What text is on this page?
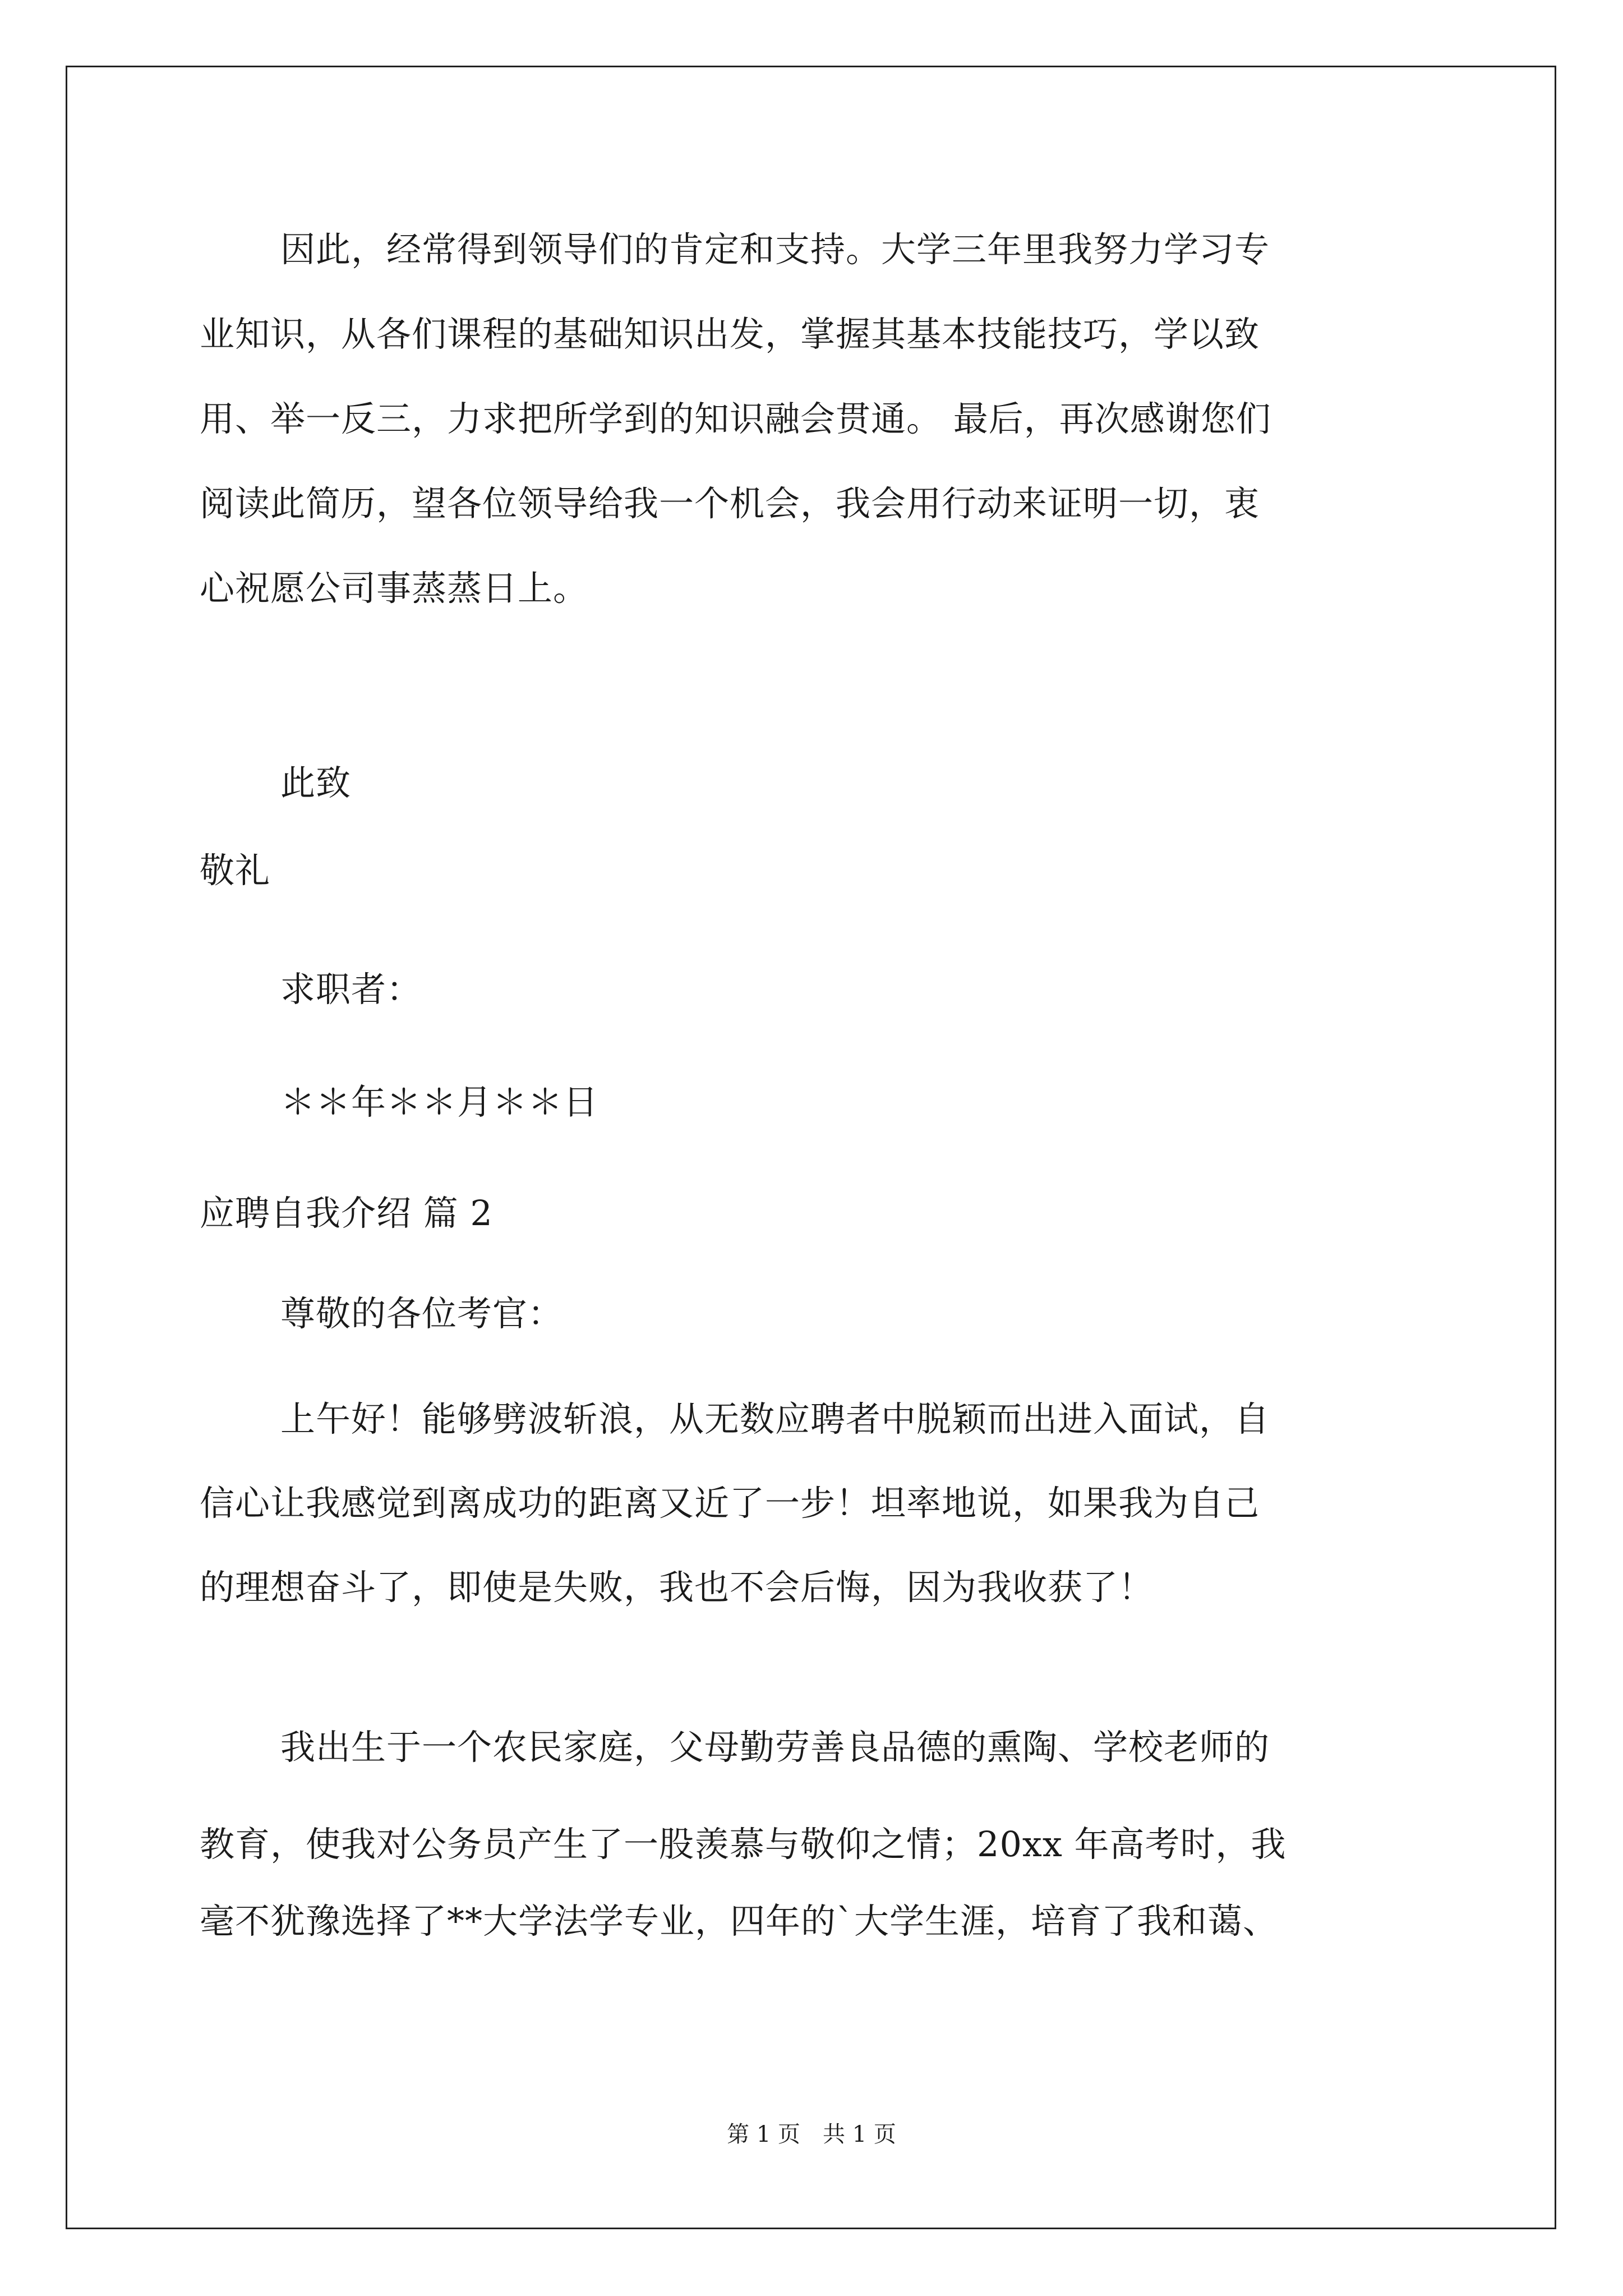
因此，经常得到领导们的肯定和支持。大学三年里我努力学习专
业知识，从各们课程的基础知识出发，掌握其基本技能技巧，学以致
用、举一反三，力求把所学到的知识融会贯通。 最后，再次感谢您们
阅读此简历，望各位领导给我一个机会，我会用行动来证明一切，衷
心祝愿公司事蒸蒸日上。
此致
敬礼
求职者：
＊＊年＊＊月＊＊日
应聘自我介绍 篇 2
尊敬的各位考官：
上午好！能够劈波斩浪，从无数应聘者中脱颖而出进入面试，自
信心让我感觉到离成功的距离又近了一步！坦率地说，如果我为自己
的理想奋斗了，即使是失败，我也不会后悔，因为我收获了！
我出生于一个农民家庭，父母勤劳善良品德的熏陶、学校老师的
教育，使我对公务员产生了一股羡慕与敬仰之情；20xx 年高考时，我
毫不犹豫选择了**大学法学专业，四年的`大学生涯，培育了我和蔼、
第 1 页　共 1 页
